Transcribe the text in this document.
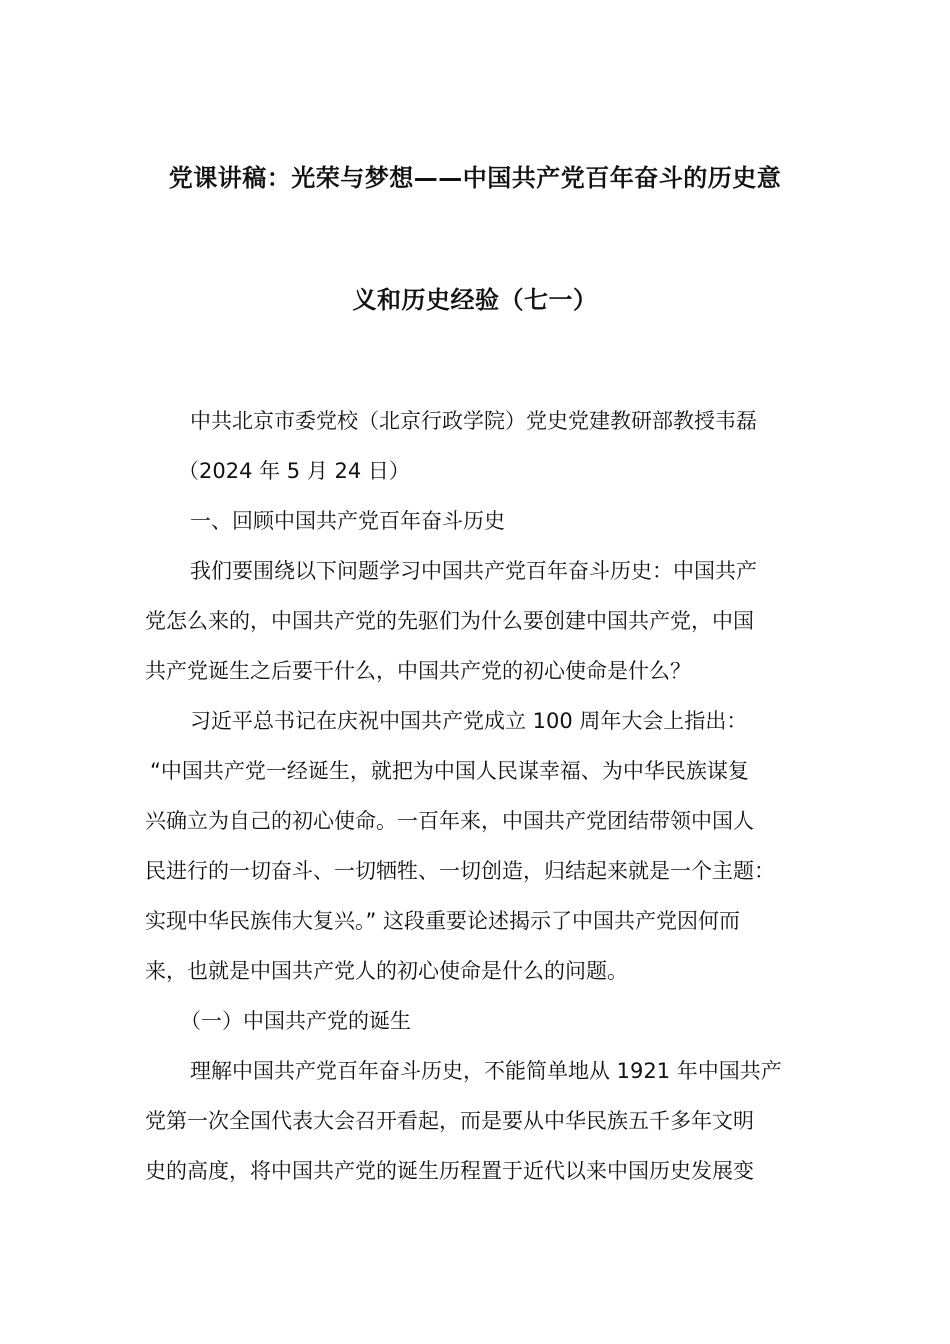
党课讲稿：光荣与梦想——中国共产党百年奋斗的历史意
义和历史经验（七一）
中共北京市委党校（北京行政学院）党史党建教研部教授韦磊
（2024 年 5 月 24 日）
一、回顾中国共产党百年奋斗历史
我们要围绕以下问题学习中国共产党百年奋斗历史：中国共产
党怎么来的，中国共产党的先驱们为什么要创建中国共产党，中国
共产党诞生之后要干什么，中国共产党的初心使命是什么？
习近平总书记在庆祝中国共产党成立 100 周年大会上指出：
“中国共产党一经诞生，就把为中国人民谋幸福、为中华民族谋复
兴确立为自己的初心使命。一百年来，中国共产党团结带领中国人
民进行的一切奋斗、一切牺牲、一切创造，归结起来就是一个主题：
实现中华民族伟大复兴。” 这段重要论述揭示了中国共产党因何而
来，也就是中国共产党人的初心使命是什么的问题。
（一）中国共产党的诞生
理解中国共产党百年奋斗历史，不能简单地从 1921 年中国共产
党第一次全国代表大会召开看起，而是要从中华民族五千多年文明
史的高度，将中国共产党的诞生历程置于近代以来中国历史发展变
